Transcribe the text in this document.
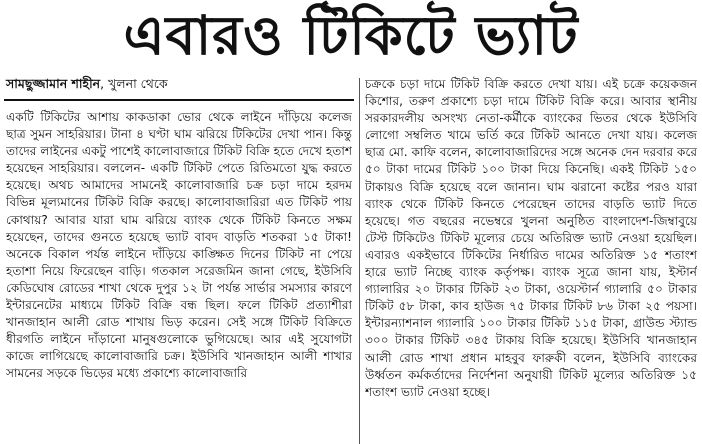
এবারও টিকিটে ভ্যাট
সামছুজ্জামান শাহীন, খুলনা থেকে

একটি টিকিটের আশায় কাকডাকা ভোর থেকে লাইনে দাঁড়িয়ে কলেজ ছাত্র সুমন সাহরিয়ার। টানা ৪ ঘণ্টা ঘাম ঝরিয়ে টিকিটের দেখা পান। কিন্তু তাদের লাইনের একটু পাশেই কালোবাজারে টিকিট বিক্রি হতে দেখে হতাশ হয়েছেন সাহরিয়ার। বললেন- একটি টিকিট পেতে রিতিমতো যুদ্ধ করতে হয়েছে। অথচ আমাদের সামনেই কালোবাজারি চক্র চড়া দামে হরদম বিভিন্ন মূল্যমানের টিকিট বিক্রি করছে। কালোবাজারিরা এত টিকিট পায় কোথায়? আবার যারা ঘাম ঝরিয়ে ব্যাংক থেকে টিকিট কিনতে সক্ষম হয়েছেন, তাদের গুনতে হয়েছে ভ্যাট বাবদ বাড়তি শতকরা ১৫ টাকা! অনেকে বিকাল পর্যন্ত লাইনে দাঁড়িয়ে কাঙ্ক্ষিত দিনের টিকিট না পেয়ে হতাশা নিয়ে ফিরেছেন বাড়ি। গতকাল সরেজমিন জানা গেছে, ইউসিবি কেডিঘোষ রোডের শাখা থেকে দুপুর ১২ টা পর্যন্ত সার্ভার সমস্যার কারণে ইন্টারনেটের মাধ্যমে টিকিট বিক্রি বন্ধ ছিল। ফলে টিকিট প্রত্যাশীরা খানজাহান আলী রোড শাখায় ভিড় করেন। সেই সঙ্গে টিকিট বিক্রিতে ধীরগতি লাইনে দাঁড়ানো মানুষগুলোকে ভুগিয়েছে। আর এই সুযোগটা কাজে লাগিয়েছে কালোবাজারি চক্র। ইউসিবি খানজাহান আলী শাখার সামনের সড়কে ভিড়ের মধ্যে প্রকাশ্যে কালোবাজারি

চক্রকে চড়া দামে টিকিট বিক্রি করতে দেখা যায়। এই চক্রে কয়েকজন কিশোর, তরুণ প্রকাশ্যে চড়া দামে টিকিট বিক্রি করে। আবার স্থানীয় সরকারদলীয় অসংখ্য নেতা-কর্মীকে ব্যাংকের ভিতর থেকে ইউসিবি লোগো সম্বলিত খামে ভর্তি করে টিকিট আনতে দেখা যায়। কলেজ ছাত্র মো. কাফি বলেন, কালোবাজারিদের সঙ্গে অনেক দেন দরবার করে ৫০ টাকা দামের টিকিট ১০০ টাকা দিয়ে কিনেছি। একই টিকিট ১৫০ টাকায়ও বিক্রি হয়েছে বলে জানান। ঘাম ঝরানো কষ্টের পরও যারা ব্যাংক থেকে টিকিট কিনতে পেরেছেন তাদের বাড়তি ভ্যাট দিতে হয়েছে। গত বছরের নভেম্বরে খুলনা অনুষ্ঠিত বাংলাদেশ-জিম্বাবুয়ে টেস্ট টিকিটেও টিকিট মূল্যের চেয়ে অতিরিক্ত ভ্যাট নেওয়া হয়েছিল। এবারও একইভাবে টিকিটের নির্ধারিত দামের অতিরিক্ত ১৫ শতাংশ হারে ভ্যাট নিচ্ছে ব্যাংক কর্তৃপক্ষ। ব্যাংক সূত্রে জানা যায়, ইস্টার্ন গ্যালারির ২০ টাকার টিকিট ২৩ টাকা, ওয়েস্টার্ন গ্যালারি ৫০ টাকার টিকিট ৫৮ টাকা, কাব হাউজ ৭৫ টাকার টিকিট ৮৬ টাকা ২৫ পয়সা। ইন্টারন্যাশনাল গ্যালারি ১০০ টাকার টিকিট ১১৫ টাকা, গ্রাউন্ড স্ট্যান্ড ৩০০ টাকার টিকিট ৩৪৫ টাকায় বিক্রি হয়েছে। ইউসিবি খানজাহান আলী রোড শাখা প্রধান মাহবুব ফারুকী বলেন, ইউসিবি ব্যাংকের উর্ধ্বতন কর্মকর্তাদের নির্দেশনা অনুযায়ী টিকিট মূল্যের অতিরিক্ত ১৫ শতাংশ ভ্যাট নেওয়া হচ্ছে।
